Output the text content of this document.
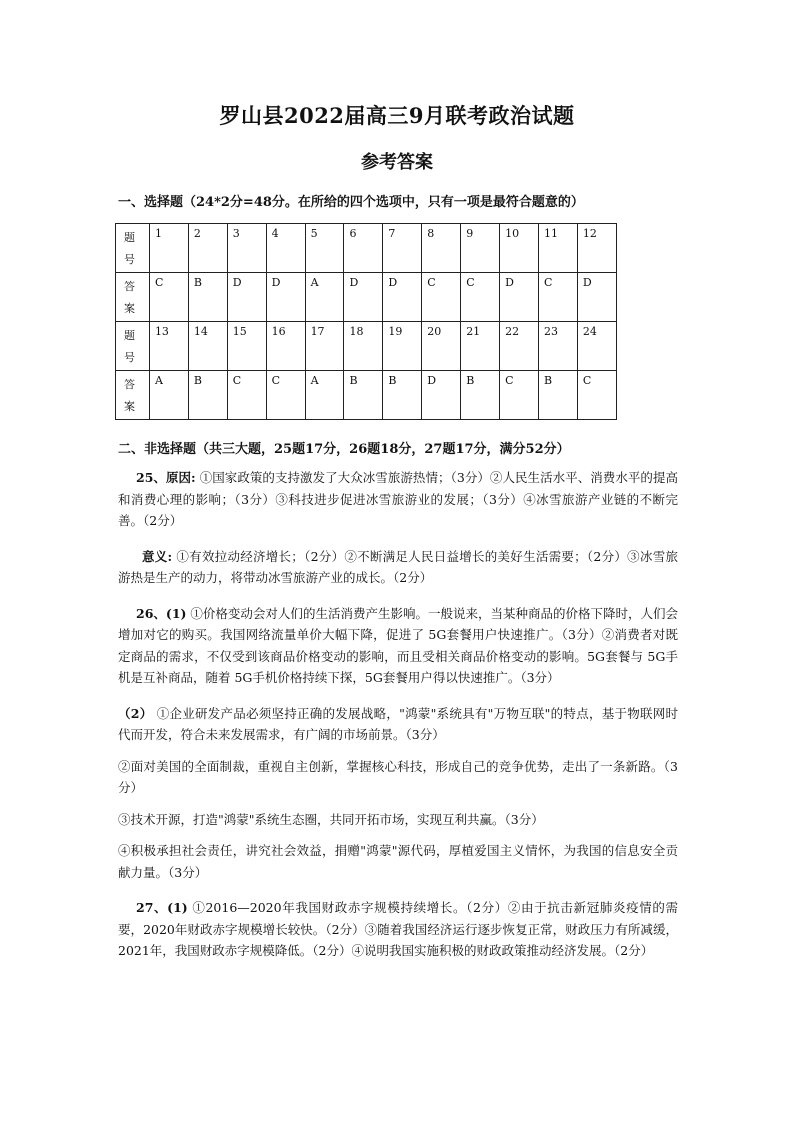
罗山县2022届高三9月联考政治试题
参考答案
一、选择题（24*2分=48分。在所给的四个选项中，只有一项是最符合题意的）
题
号	1	2	3	4	5	6	7	8	9	10	11	12
答
案	C	B	D	D	A	D	D	C	C	D	C	D
题
号	13	14	15	16	17	18	19	20	21	22	23	24
答
案	A	B	C	C	A	B	B	D	B	C	B	C
二、非选择题（共三大题，25题17分，26题18分，27题17分，满分52分）

25、原因: ①国家政策的支持激发了大众冰雪旅游热情；（3分）②人民生活水平、消费水平的提高和消费心理的影响；（3分）③科技进步促进冰雪旅游业的发展；（3分）④冰雪旅游产业链的不断完善。（2分）

意义: ①有效拉动经济增长；（2分）②不断满足人民日益增长的美好生活需要；（2分）③冰雪旅游热是生产的动力，将带动冰雪旅游产业的成长。（2分）

26、(1) ①价格变动会对人们的生活消费产生影响。一般说来，当某种商品的价格下降时，人们会增加对它的购买。我国网络流量单价大幅下降，促进了 5G套餐用户快速推广。（3分）②消费者对既定商品的需求，不仅受到该商品价格变动的影响，而且受相关商品价格变动的影响。5G套餐与 5G手机是互补商品，随着 5G手机价格持续下探，5G套餐用户得以快速推广。（3分）

（2） ①企业研发产品必须坚持正确的发展战略，"鸿蒙"系统具有"万物互联"的特点，基于物联网时代而开发，符合未来发展需求，有广阔的市场前景。（3分）

②面对美国的全面制裁，重视自主创新，掌握核心科技，形成自己的竞争优势，走出了一条新路。（3分）

③技术开源，打造"鸿蒙"系统生态圈，共同开拓市场，实现互利共赢。（3分）

④积极承担社会责任，讲究社会效益，捐赠"鸿蒙"源代码，厚植爱国主义情怀，为我国的信息安全贡献力量。（3分）

27、(1) ①2016—2020年我国财政赤字规模持续增长。（2分）②由于抗击新冠肺炎疫情的需要，2020年财政赤字规模增长较快。（2分）③随着我国经济运行逐步恢复正常，财政压力有所减缓，2021年，我国财政赤字规模降低。（2分）④说明我国实施积极的财政政策推动经济发展。（2分）
